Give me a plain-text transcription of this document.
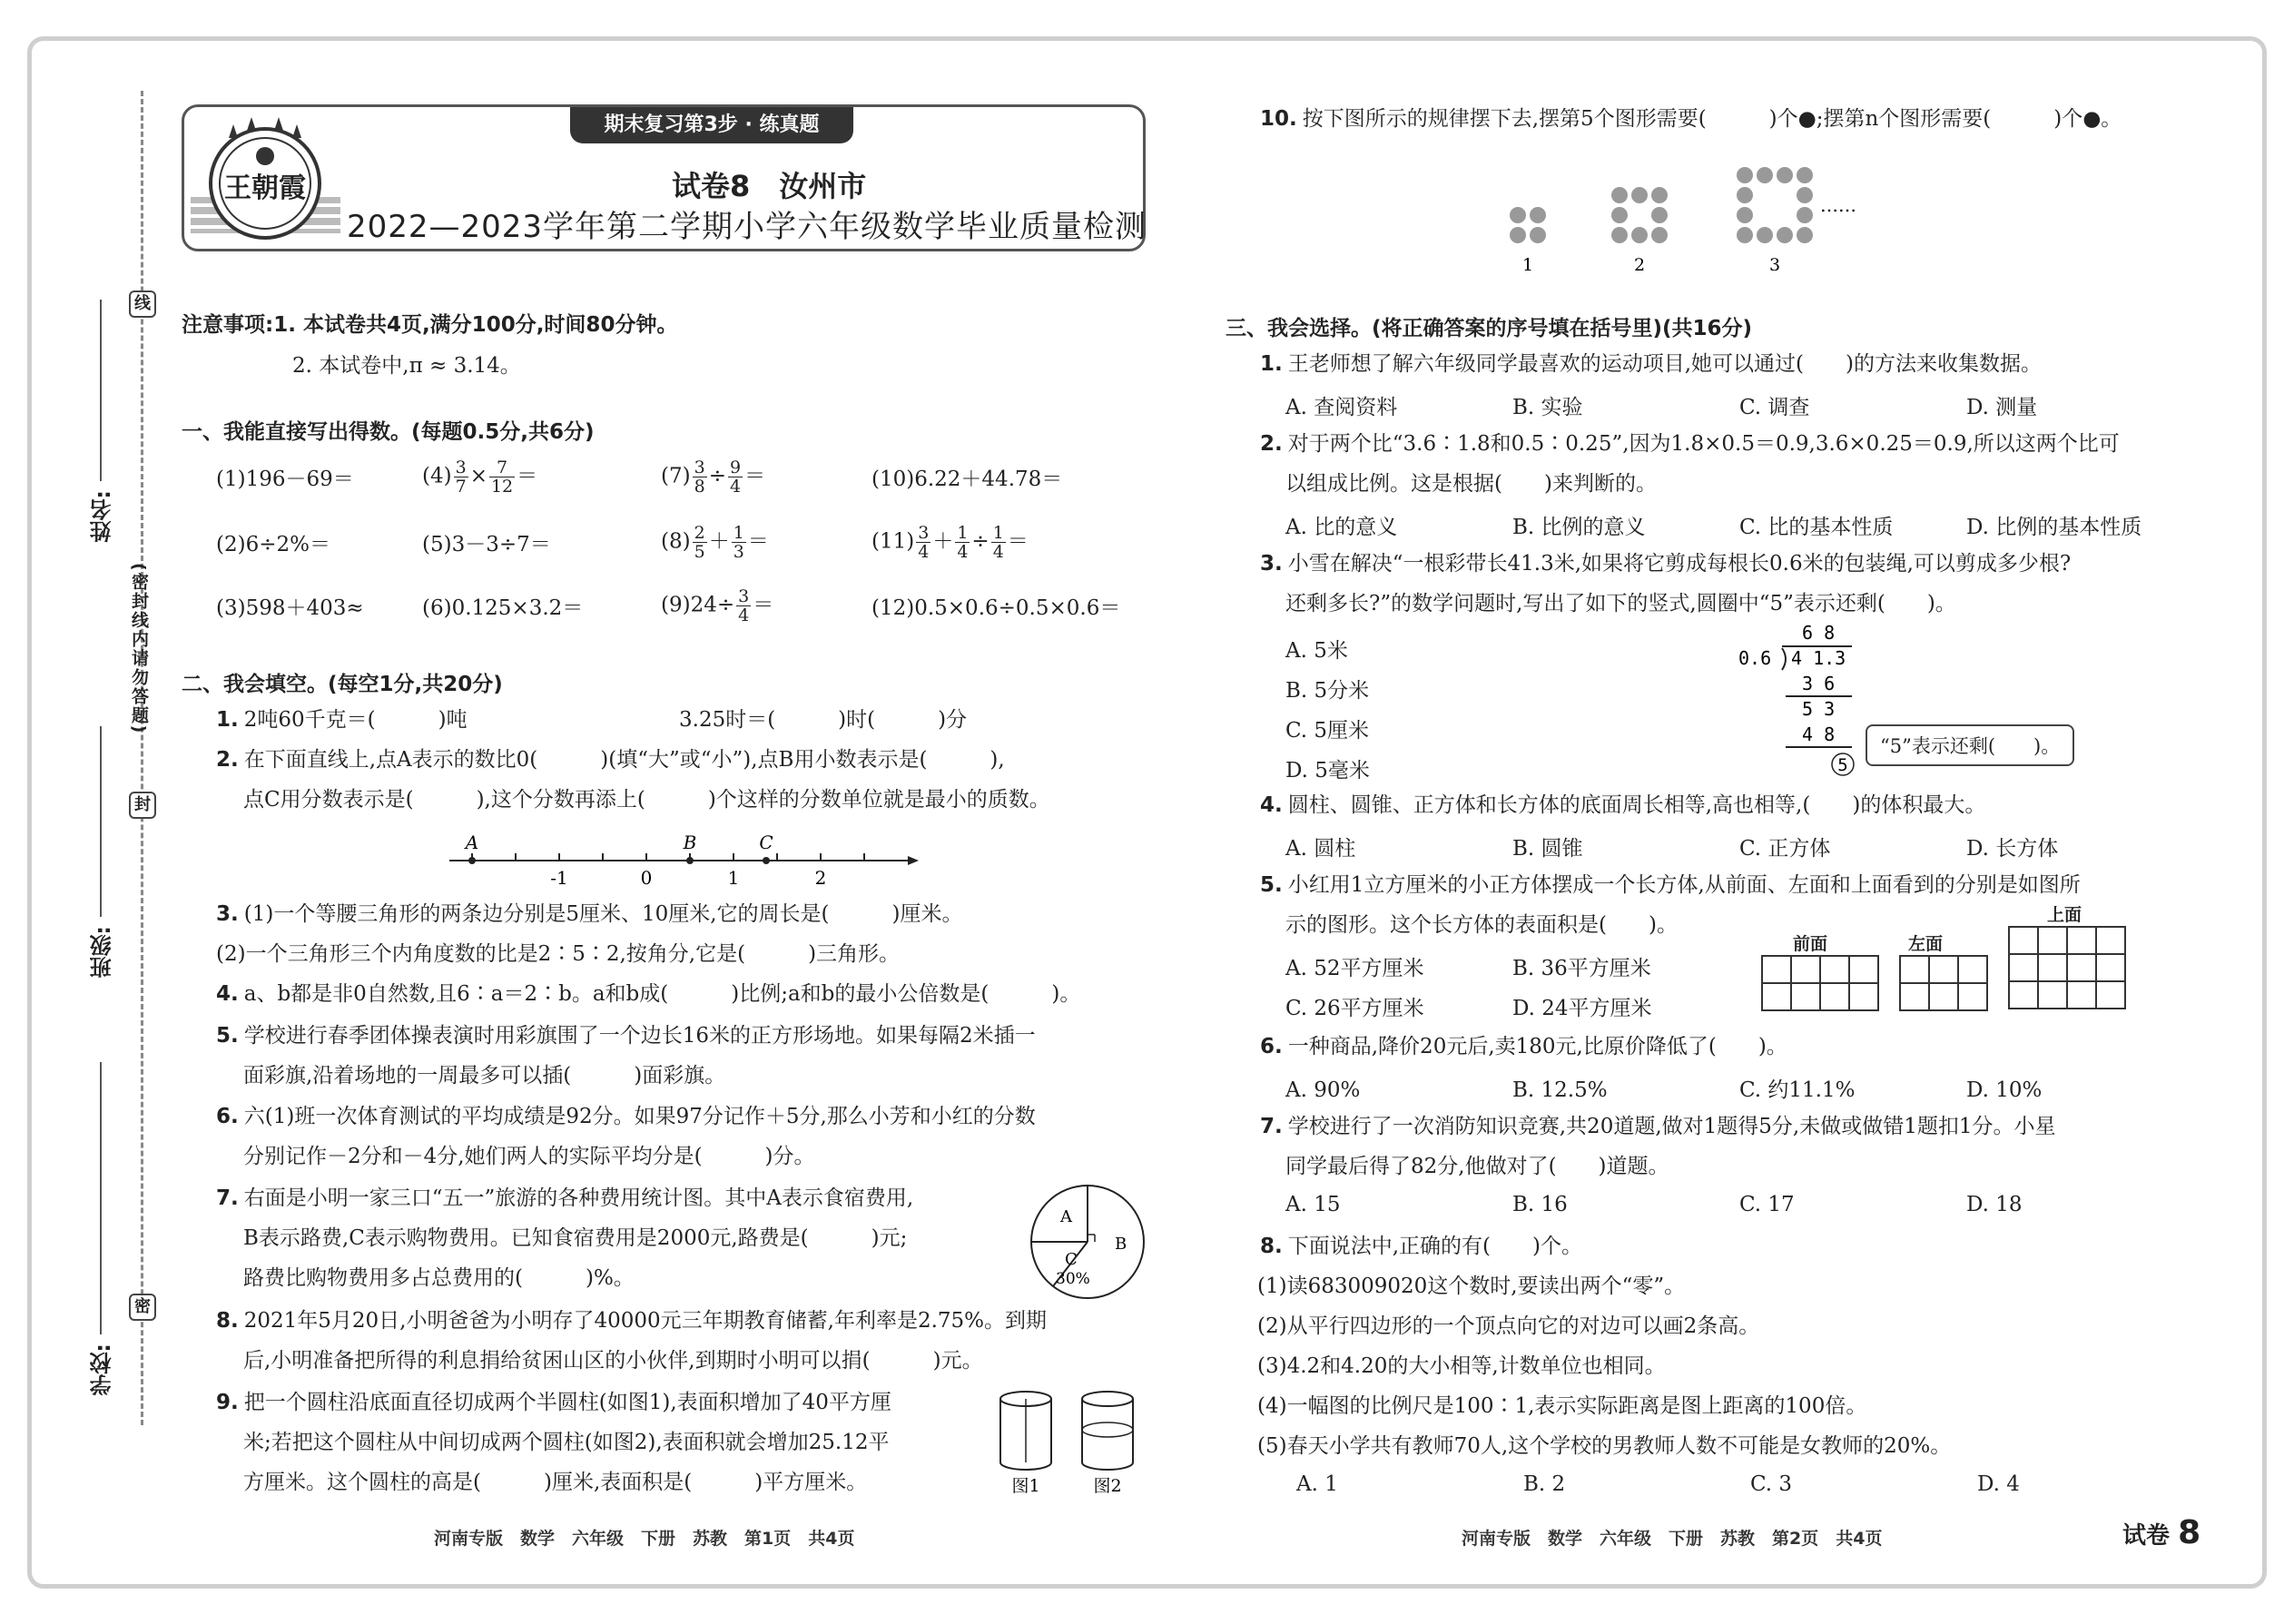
线
封
密
(密封线内请勿答题)
姓名:
班级:
学校:
王朝霞
期末复习第3步 · 练真题
试卷8　汝州市
2022—2023学年第二学期小学六年级数学毕业质量检测
注意事项:1. 本试卷共4页,满分100分,时间80分钟。
2. 本试卷中,π ≈ 3.14。
一、我能直接写出得数。(每题0.5分,共6分)
(1)196－69＝	$(4) \frac{3}{7} \times \frac{7}{12}$ ＝	$(7) \frac{3}{8} \div \frac{9}{4}$ ＝	(10)6.22＋44.78＝
(2)6÷2%＝	(5)3－3÷7＝	$(8) \frac{2}{5} + \frac{1}{3}$ ＝	$(11) \frac{3}{4} + \frac{1}{4} \div \frac{1}{4}$ ＝
(3)598＋403≈	(6)0.125×3.2＝	$(9)24\div \frac{3}{4}$ ＝	(12)0.5×0.6÷0.5×0.6＝
二、我会填空。(每空1分,共20分)
1. 2吨60千克＝(　　　)吨	3.25时＝(　　　)时(　　　)分
2. 在下面直线上,点A表示的数比0(　　　)(填“大”或“小”),点B用小数表示是(　　　),
点C用分数表示是(　　　),这个分数再添上(　　　)个这样的分数单位就是最小的质数。
A	B	C
-1	0	1	2
3. (1)一个等腰三角形的两条边分别是5厘米、10厘米,它的周长是(　　　)厘米。
(2)一个三角形三个内角度数的比是2∶5∶2,按角分,它是(　　　)三角形。
4. a、b都是非0自然数,且6∶a＝2∶b。a和b成(　　　)比例;a和b的最小公倍数是(　　　)。
5. 学校进行春季团体操表演时用彩旗围了一个边长16米的正方形场地。如果每隔2米插一
面彩旗,沿着场地的一周最多可以插(　　　)面彩旗。
6. 六(1)班一次体育测试的平均成绩是92分。如果97分记作＋5分,那么小芳和小红的分数
分别记作－2分和－4分,她们两人的实际平均分是(　　　)分。
7. 右面是小明一家三口“五一”旅游的各种费用统计图。其中A表示食宿费用,
B表示路费,C表示购物费用。已知食宿费用是2000元,路费是(　　　)元;
路费比购物费用多占总费用的(　　　)%。
A
B
C
30%
8. 2021年5月20日,小明爸爸为小明存了40000元三年期教育储蓄,年利率是2.75%。到期
后,小明准备把所得的利息捐给贫困山区的小伙伴,到期时小明可以捐(　　　)元。
9. 把一个圆柱沿底面直径切成两个半圆柱(如图1),表面积增加了40平方厘
米;若把这个圆柱从中间切成两个圆柱(如图2),表面积就会增加25.12平
方厘米。这个圆柱的高是(　　　)厘米,表面积是(　　　)平方厘米。	图1	图2
河南专版　数学　六年级　下册　苏教　第1页　共4页
10. 按下图所示的规律摆下去,摆第5个图形需要(　　　)个●;摆第n个图形需要(　　　)个●。
1	2	3
……
三、我会选择。(将正确答案的序号填在括号里)(共16分)
1. 王老师想了解六年级同学最喜欢的运动项目,她可以通过(　　)的方法来收集数据。
A. 查阅资料	B. 实验	C. 调查	D. 测量
2. 对于两个比“3.6∶1.8和0.5∶0.25”,因为1.8×0.5＝0.9,3.6×0.25＝0.9,所以这两个比可
以组成比例。这是根据(　　)来判断的。
A. 比的意义	B. 比例的意义	C. 比的基本性质	D. 比例的基本性质
3. 小雪在解决“一根彩带长41.3米,如果将它剪成每根长0.6米的包装绳,可以剪成多少根?
还剩多长?”的数学问题时,写出了如下的竖式,圆圈中“5”表示还剩(　　)。
A. 5米
B. 5分米
C. 5厘米
D. 5毫米
6 8
0.6 4 1.3
3 6
5 3
4 8
5
“5”表示还剩(　　)。
4. 圆柱、圆锥、正方体和长方体的底面周长相等,高也相等,(　　)的体积最大。
A. 圆柱	B. 圆锥	C. 正方体	D. 长方体
5. 小红用1立方厘米的小正方体摆成一个长方体,从前面、左面和上面看到的分别是如图所
示的图形。这个长方体的表面积是(　　)。
A. 52平方厘米	B. 36平方厘米
C. 26平方厘米	D. 24平方厘米
前面

				左面

上面

6. 一种商品,降价20元后,卖180元,比原价降低了(　　)。
A. 90%	B. 12.5%	C. 约11.1%	D. 10%
7. 学校进行了一次消防知识竞赛,共20道题,做对1题得5分,未做或做错1题扣1分。小星
同学最后得了82分,他做对了(　　)道题。
A. 15	B. 16	C. 17	D. 18
8. 下面说法中,正确的有(　　)个。
(1)读683009020这个数时,要读出两个“零”。
(2)从平行四边形的一个顶点向它的对边可以画2条高。
(3)4.2和4.20的大小相等,计数单位也相同。
(4)一幅图的比例尺是100∶1,表示实际距离是图上距离的100倍。
(5)春天小学共有教师70人,这个学校的男教师人数不可能是女教师的20%。
A. 1	B. 2	C. 3	D. 4
河南专版　数学　六年级　下册　苏教　第2页　共4页	试卷 8
